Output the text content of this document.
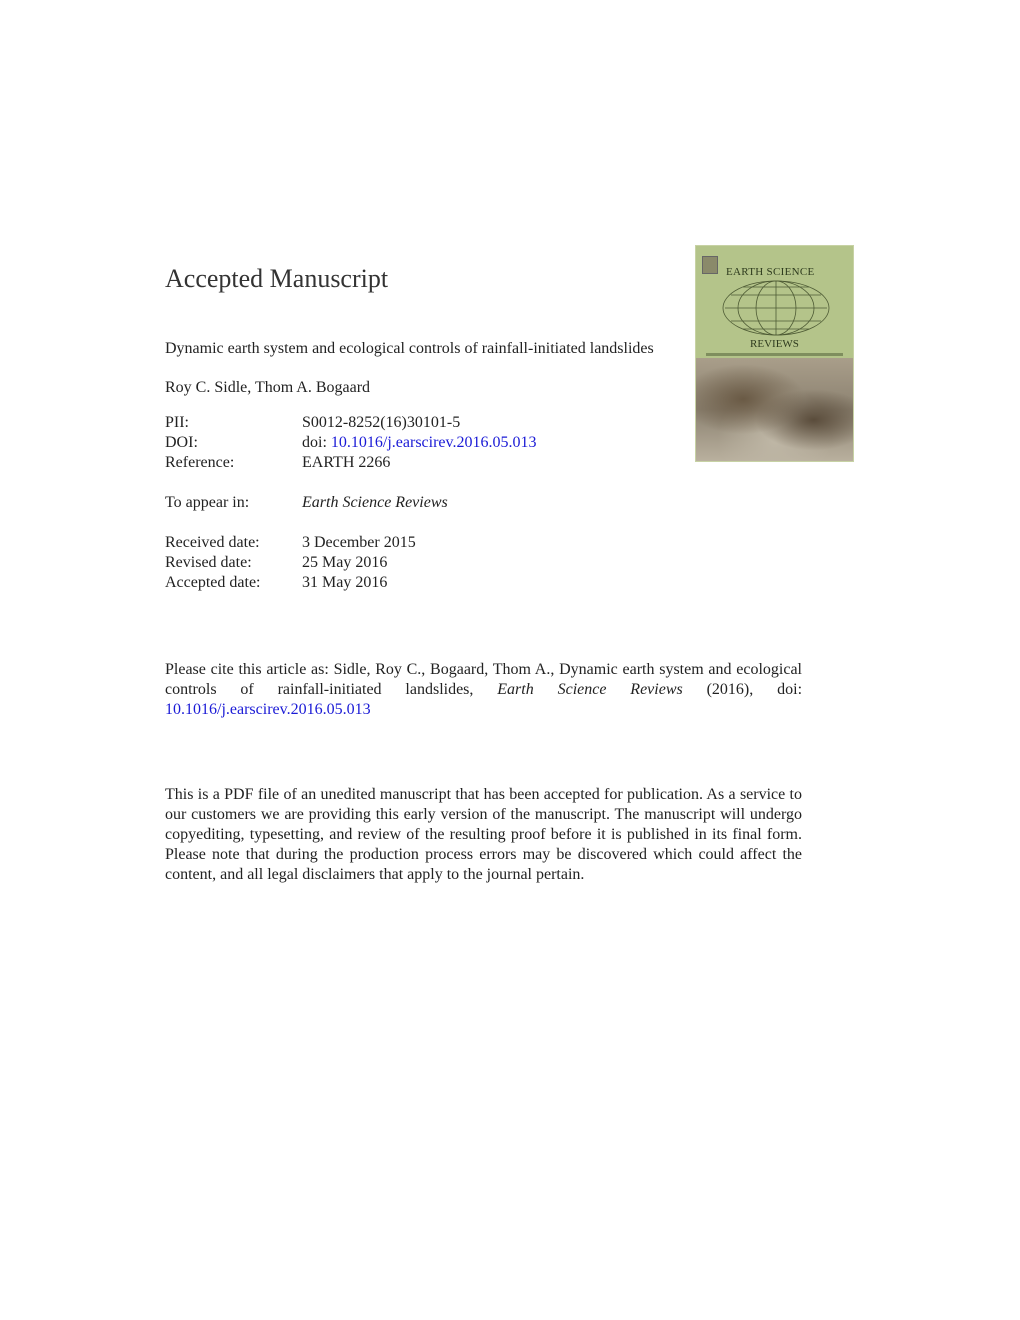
Accepted Manuscript
Dynamic earth system and ecological controls of rainfall-initiated landslides
Roy C. Sidle, Thom A. Bogaard
PII:	S0012-8252(16)30101-5
DOI:	doi: 10.1016/j.earscirev.2016.05.013
Reference:	EARTH 2266
To appear in:	Earth Science Reviews
Received date:	3 December 2015
Revised date:	25 May 2016
Accepted date:	31 May 2016
Please cite this article as: Sidle, Roy C., Bogaard, Thom A., Dynamic earth system and ecological controls of rainfall-initiated landslides, Earth Science Reviews (2016), doi: 10.1016/j.earscirev.2016.05.013
This is a PDF file of an unedited manuscript that has been accepted for publication. As a service to our customers we are providing this early version of the manuscript. The manuscript will undergo copyediting, typesetting, and review of the resulting proof before it is published in its final form. Please note that during the production process errors may be discovered which could affect the content, and all legal disclaimers that apply to the journal pertain.
EARTH SCIENCE
REVIEWS
